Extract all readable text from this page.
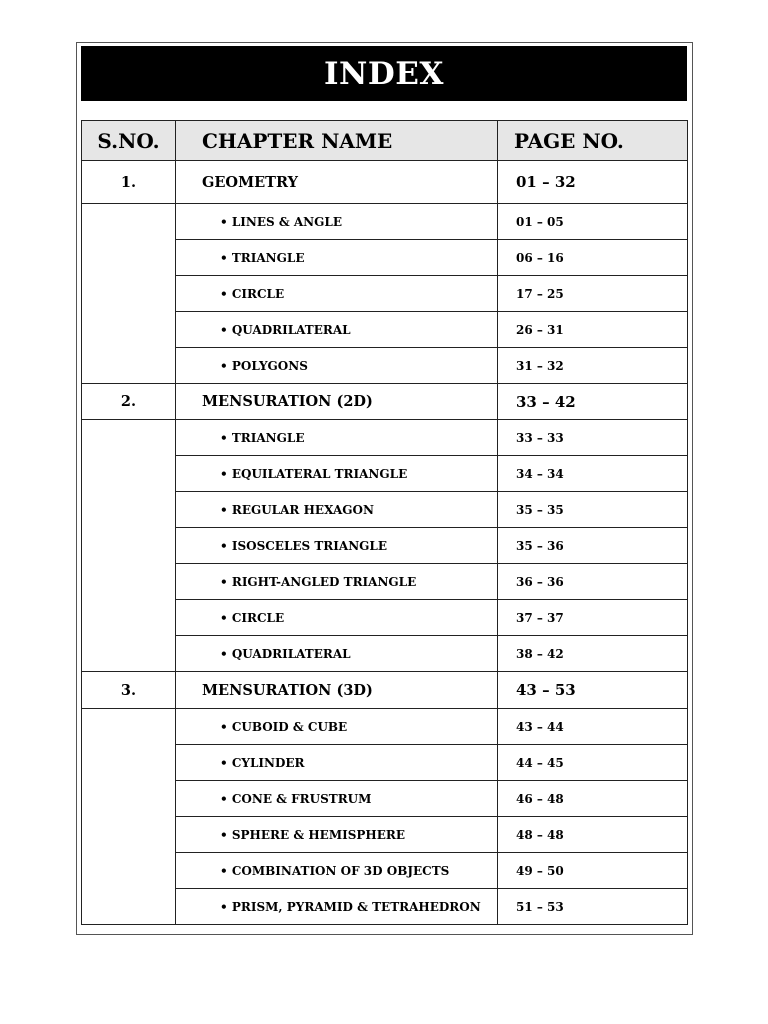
INDEX
S.NO.	CHAPTER NAME	PAGE NO.
1.	GEOMETRY	01 – 32
	• LINES & ANGLE	01 – 05
	• TRIANGLE	06 – 16
	• CIRCLE	17 – 25
	• QUADRILATERAL	26 – 31
	• POLYGONS	31 – 32
2.	MENSURATION (2D)	33 – 42
	• TRIANGLE	33 – 33
	• EQUILATERAL TRIANGLE	34 – 34
	• REGULAR HEXAGON	35 – 35
	• ISOSCELES TRIANGLE	35 – 36
	• RIGHT-ANGLED TRIANGLE	36 – 36
	• CIRCLE	37 – 37
	• QUADRILATERAL	38 – 42
3.	MENSURATION (3D)	43 – 53
	• CUBOID & CUBE	43 – 44
	• CYLINDER	44 – 45
	• CONE & FRUSTRUM	46 – 48
	• SPHERE & HEMISPHERE	48 – 48
	• COMBINATION OF 3D OBJECTS	49 – 50
	• PRISM, PYRAMID & TETRAHEDRON	51 – 53
